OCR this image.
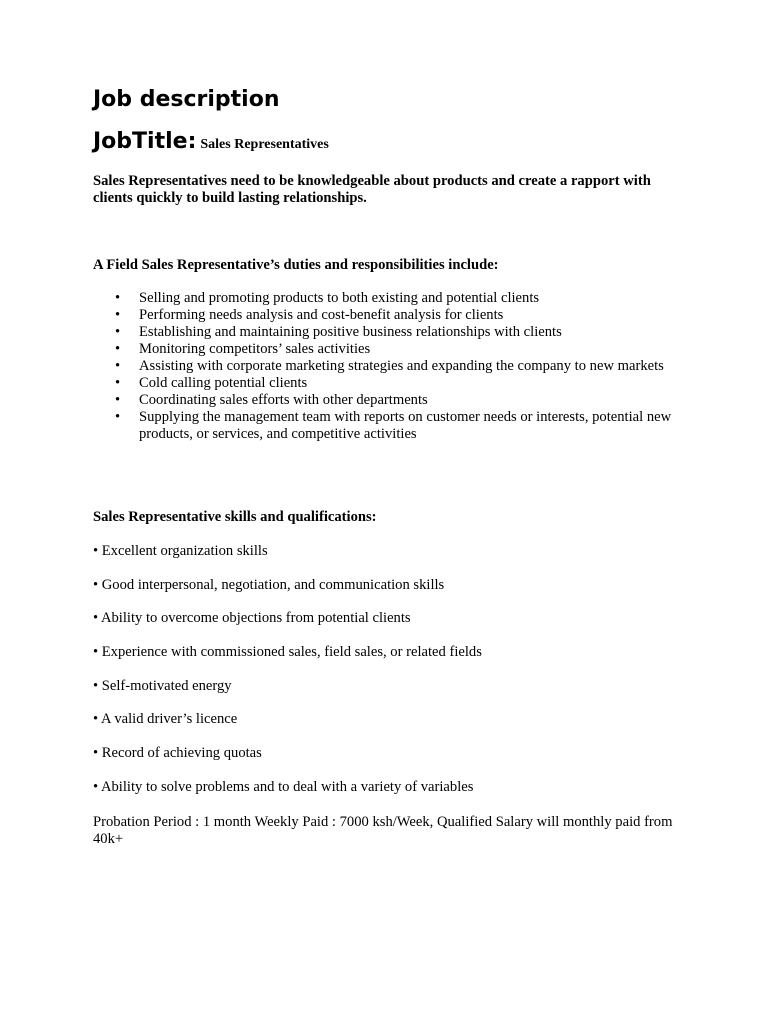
Job description
JobTitle: Sales Representatives

Sales Representatives need to be knowledgeable about products and create a rapport with clients quickly to build lasting relationships.

A Field Sales Representative’s duties and responsibilities include:

• Selling and promoting products to both existing and potential clients
• Performing needs analysis and cost-benefit analysis for clients
• Establishing and maintaining positive business relationships with clients
• Monitoring competitors’ sales activities
• Assisting with corporate marketing strategies and expanding the company to new markets
• Cold calling potential clients
• Coordinating sales efforts with other departments
• Supplying the management team with reports on customer needs or interests, potential new products, or services, and competitive activities

Sales Representative skills and qualifications:

• Excellent organization skills
• Good interpersonal, negotiation, and communication skills
• Ability to overcome objections from potential clients
• Experience with commissioned sales, field sales, or related fields
• Self-motivated energy
• A valid driver’s licence
• Record of achieving quotas
• Ability to solve problems and to deal with a variety of variables

Probation Period : 1 month Weekly Paid : 7000 ksh/Week, Qualified Salary will monthly paid from 40k+
